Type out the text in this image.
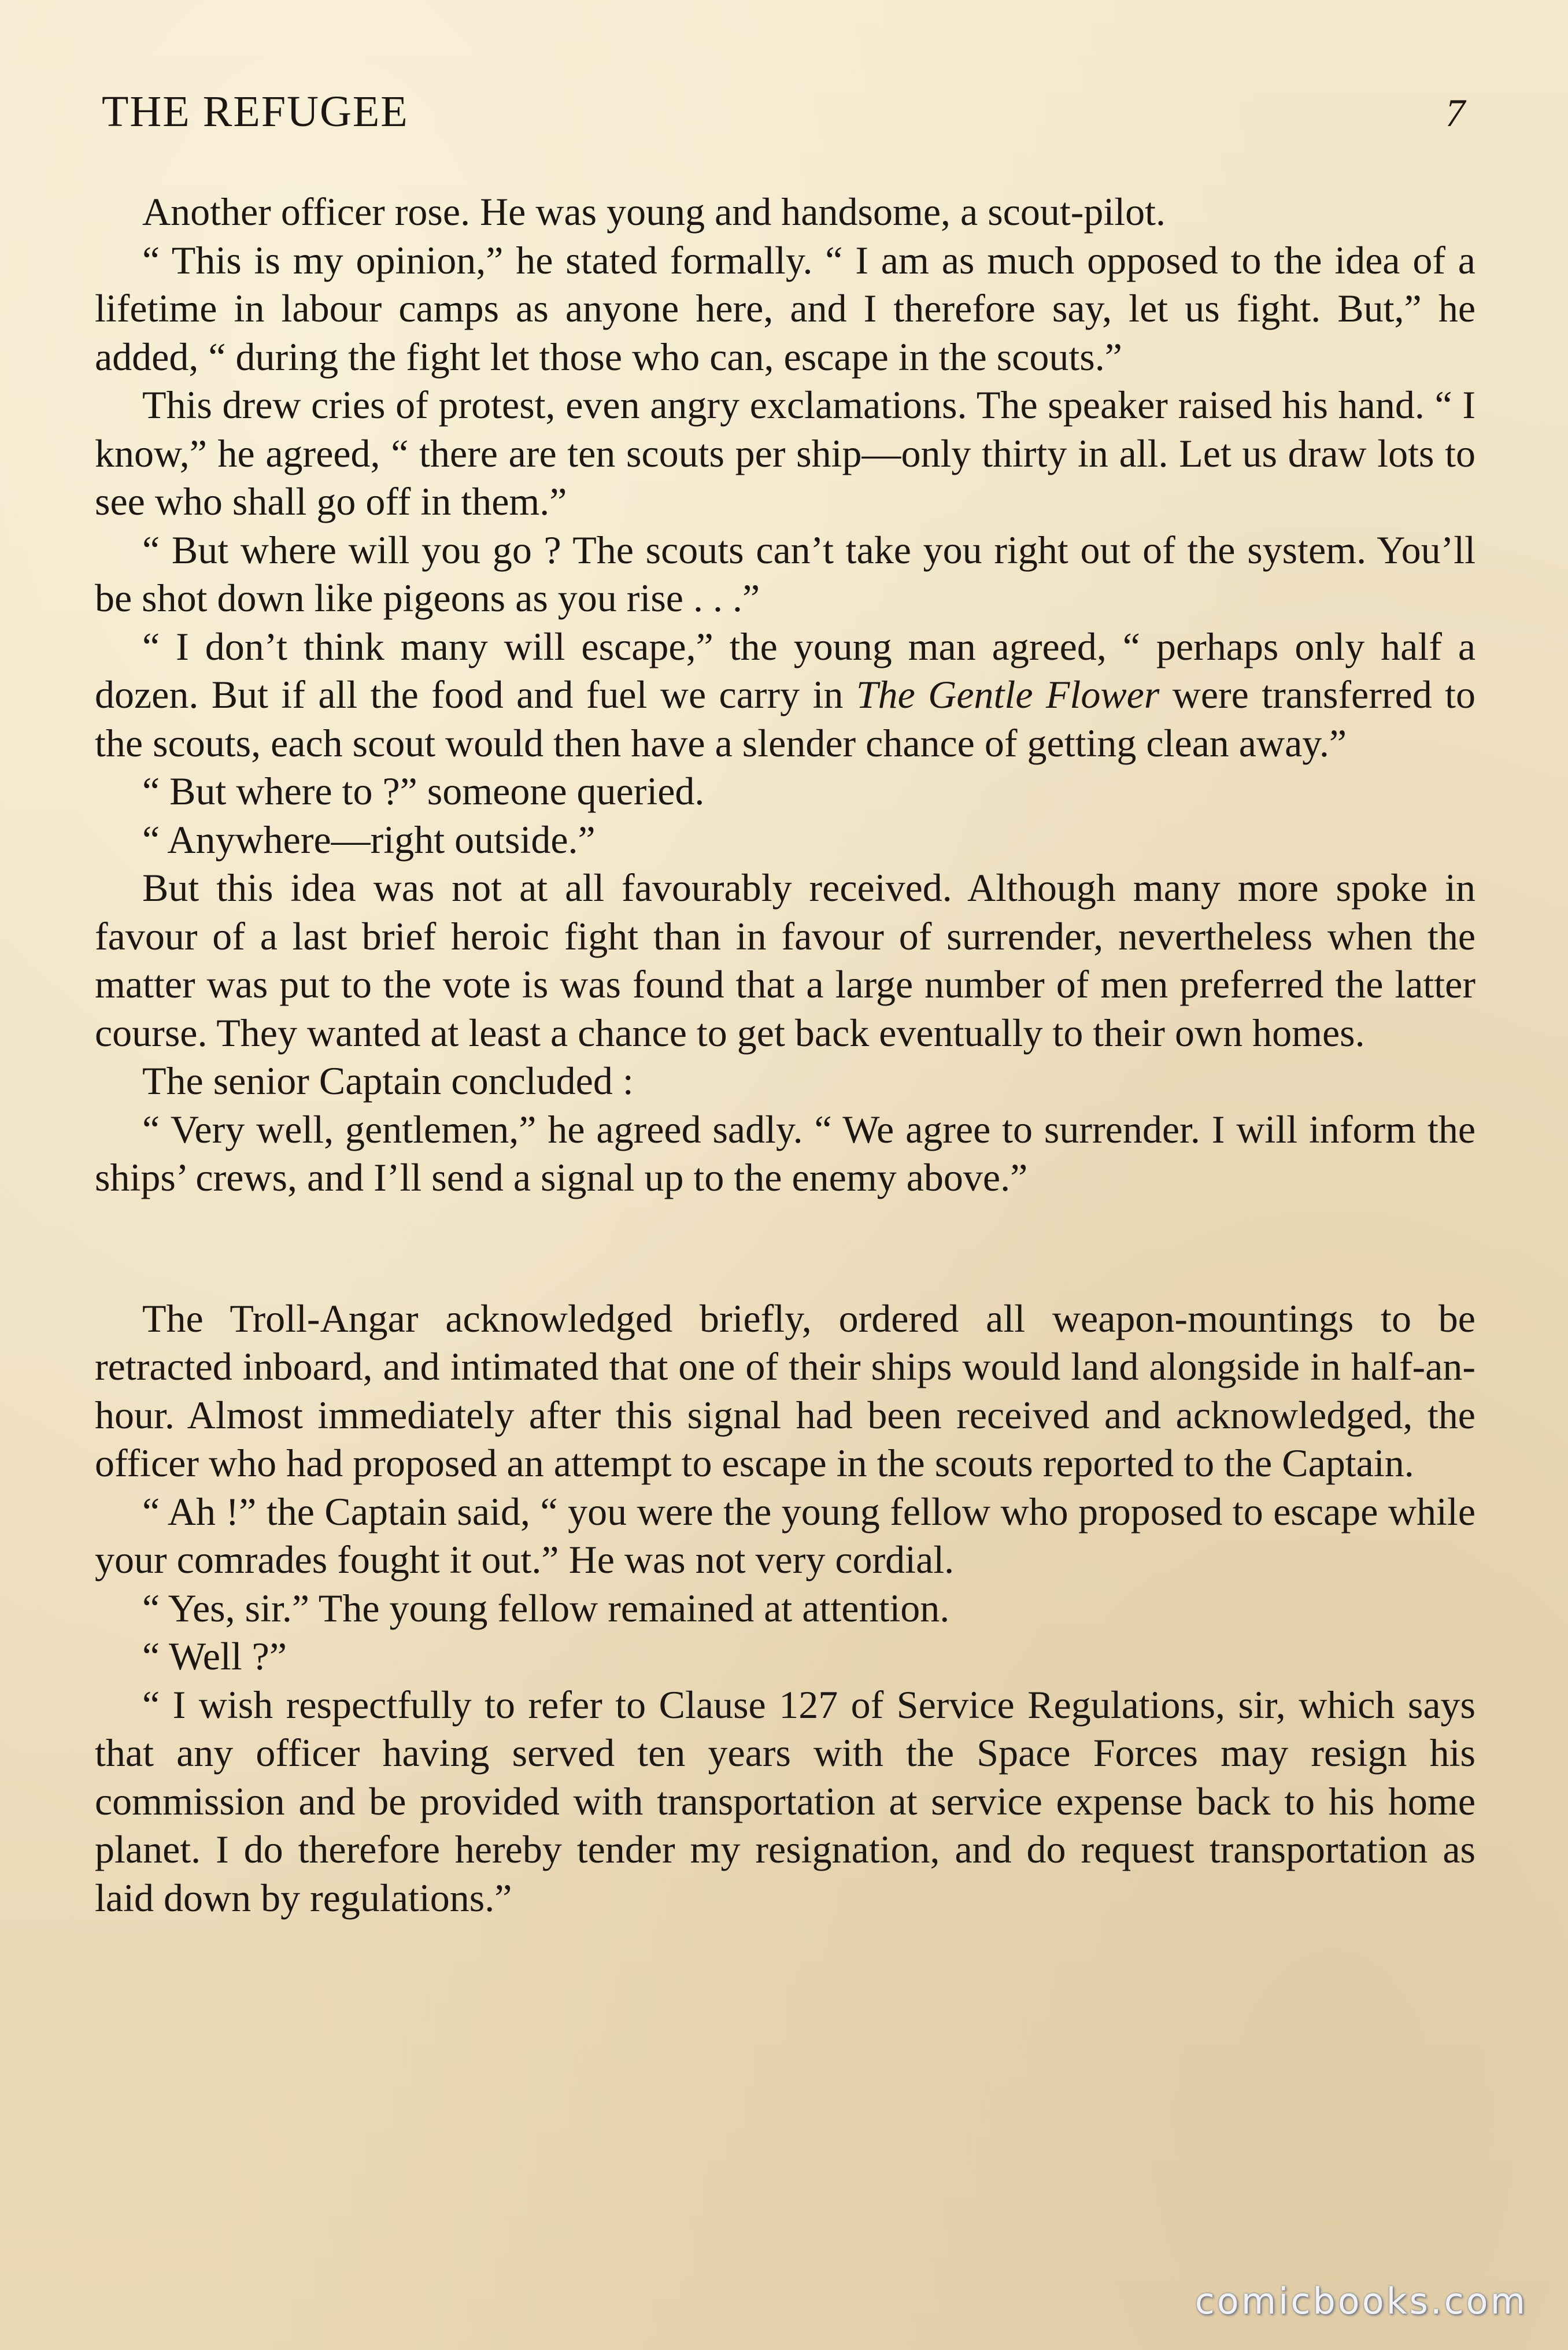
THE REFUGEE	7

Another officer rose. He was young and handsome, a scout-pilot.

“ This is my opinion,” he stated formally. “ I am as much opposed to the idea of a lifetime in labour camps as anyone here, and I therefore say, let us fight. But,” he added, “ during the fight let those who can, escape in the scouts.”

This drew cries of protest, even angry exclamations. The speaker raised his hand. “ I know,” he agreed, “ there are ten scouts per ship—only thirty in all. Let us draw lots to see who shall go off in them.”

“ But where will you go ? The scouts can’t take you right out of the system. You’ll be shot down like pigeons as you rise . . .”

“ I don’t think many will escape,” the young man agreed, “ perhaps only half a dozen. But if all the food and fuel we carry in The Gentle Flower were transferred to the scouts, each scout would then have a slender chance of getting clean away.”

“ But where to ?” someone queried.

“ Anywhere—right outside.”

But this idea was not at all favourably received. Although many more spoke in favour of a last brief heroic fight than in favour of surrender, nevertheless when the matter was put to the vote is was found that a large number of men preferred the latter course. They wanted at least a chance to get back eventually to their own homes.

The senior Captain concluded :

“ Very well, gentlemen,” he agreed sadly. “ We agree to surrender. I will inform the ships’ crews, and I’ll send a signal up to the enemy above.”

The Troll-Angar acknowledged briefly, ordered all weapon-mountings to be retracted inboard, and intimated that one of their ships would land alongside in half-an-hour. Almost immediately after this signal had been received and acknowledged, the officer who had proposed an attempt to escape in the scouts reported to the Captain.

“ Ah !” the Captain said, “ you were the young fellow who proposed to escape while your comrades fought it out.” He was not very cordial.

“ Yes, sir.” The young fellow remained at attention.

“ Well ?”

“ I wish respectfully to refer to Clause 127 of Service Regulations, sir, which says that any officer having served ten years with the Space Forces may resign his commission and be provided with transportation at service expense back to his home planet. I do therefore hereby tender my resignation, and do request transportation as laid down by regulations.”

comicbooks.com
